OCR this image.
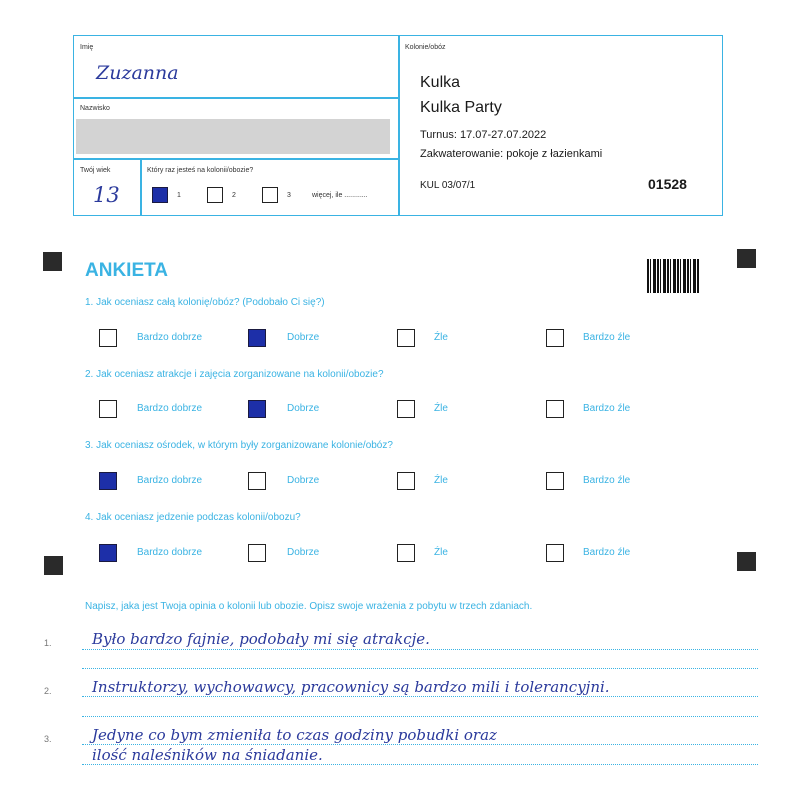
Imię
Zuzanna
Nazwisko
Twój wiek
13
Który raz jesteś na kolonii/obozie?
1	2	3	więcej, ile ............
Kolonie/obóz
Kulka
Kulka Party
Turnus: 17.07-27.07.2022
Zakwaterowanie: pokoje z łazienkami
KUL 03/07/1	01528
ANKIETA
1. Jak oceniasz całą kolonię/obóz? (Podobało Ci się?)
Bardzo dobrze	Dobrze	Źle	Bardzo źle
2. Jak oceniasz atrakcje i zajęcia zorganizowane na kolonii/obozie?
Bardzo dobrze	Dobrze	Źle	Bardzo źle
3. Jak oceniasz ośrodek, w którym były zorganizowane kolonie/obóz?
Bardzo dobrze	Dobrze	Źle	Bardzo źle
4. Jak oceniasz jedzenie podczas kolonii/obozu?
Bardzo dobrze	Dobrze	Źle	Bardzo źle
Napisz, jaka jest Twoja opinia o kolonii lub obozie. Opisz swoje wrażenia z pobytu w trzech zdaniach.
1.	Było bardzo fajnie, podobały mi się atrakcje.
2.	Instruktorzy, wychowawcy, pracownicy są bardzo mili i tolerancyjni.
3.	Jedyne co bym zmieniła to czas godziny pobudki oraz
ilość naleśników na śniadanie.
